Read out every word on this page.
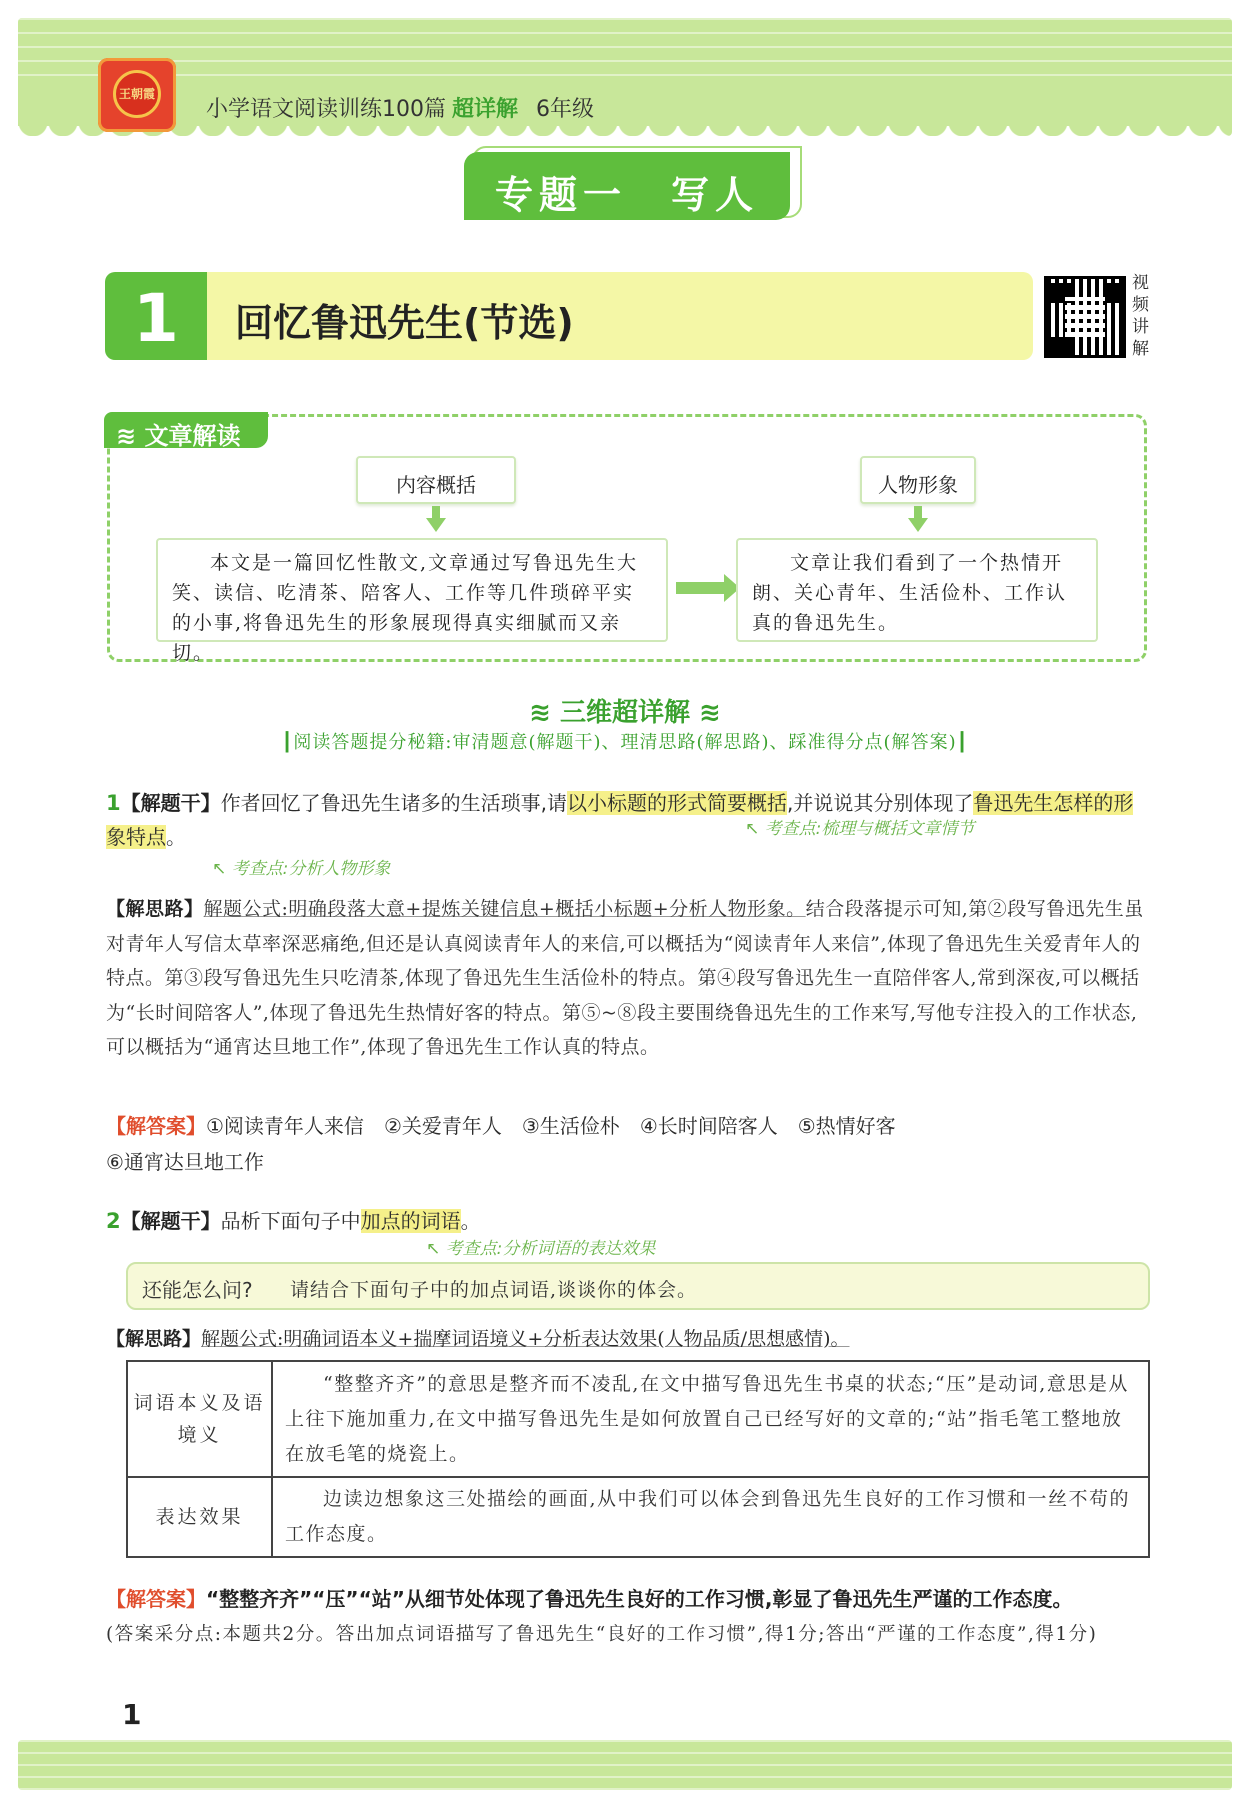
王朝霞
小学语文阅读训练100篇 超详解 6年级
专题一　写人
1	回忆鲁迅先生(节选)
视频讲解
≋ 文章解读
内容概括	人物形象
本文是一篇回忆性散文,文章通过写鲁迅先生大笑、读信、吃清茶、陪客人、工作等几件琐碎平实的小事,将鲁迅先生的形象展现得真实细腻而又亲切。
文章让我们看到了一个热情开朗、关心青年、生活俭朴、工作认真的鲁迅先生。
≋ 三维超详解 ≋
┃阅读答题提分秘籍:审清题意(解题干)、理清思路(解思路)、踩准得分点(解答案)┃
1【解题干】作者回忆了鲁迅先生诸多的生活琐事,请以小标题的形式简要概括,并说说其分别体现了鲁迅先生怎样的形象特点。	↖ 考查点:梳理与概括文章情节
↖ 考查点:分析人物形象
【解思路】解题公式:明确段落大意+提炼关键信息+概括小标题+分析人物形象。结合段落提示可知,第②段写鲁迅先生虽对青年人写信太草率深恶痛绝,但还是认真阅读青年人的来信,可以概括为“阅读青年人来信”,体现了鲁迅先生关爱青年人的特点。第③段写鲁迅先生只吃清茶,体现了鲁迅先生生活俭朴的特点。第④段写鲁迅先生一直陪伴客人,常到深夜,可以概括为“长时间陪客人”,体现了鲁迅先生热情好客的特点。第⑤~⑧段主要围绕鲁迅先生的工作来写,写他专注投入的工作状态,可以概括为“通宵达旦地工作”,体现了鲁迅先生工作认真的特点。
【解答案】①阅读青年人来信　 ②关爱青年人　 ③生活俭朴　 ④长时间陪客人　 ⑤热情好客
⑥通宵达旦地工作
2【解题干】品析下面句子中加点的词语。
↖ 考查点:分析词语的表达效果
还能怎么问? 请结合下面句子中的加点词语,谈谈你的体会。
【解思路】解题公式:明确词语本义+揣摩词语境义+分析表达效果(人物品质/思想感情)。
词语本义及语境义	“整整齐齐”的意思是整齐而不凌乱,在文中描写鲁迅先生书桌的状态;“压”是动词,意思是从上往下施加重力,在文中描写鲁迅先生是如何放置自己已经写好的文章的;“站”指毛笔工整地放在放毛笔的烧瓷上。
表达效果	边读边想象这三处描绘的画面,从中我们可以体会到鲁迅先生良好的工作习惯和一丝不苟的工作态度。
【解答案】“整整齐齐”“压”“站”从细节处体现了鲁迅先生良好的工作习惯,彰显了鲁迅先生严谨的工作态度。
(答案采分点:本题共2分。答出加点词语描写了鲁迅先生“良好的工作习惯”,得1分;答出“严谨的工作态度”,得1分)
1
